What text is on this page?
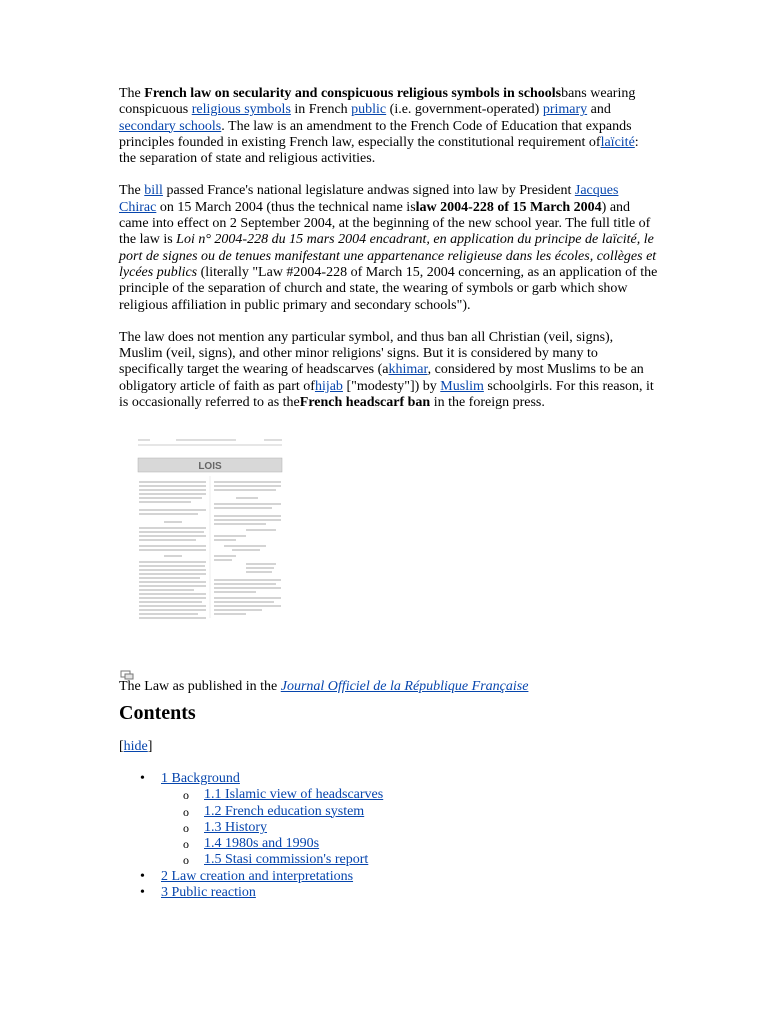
The French law on secularity and conspicuous religious symbols in schoolsbans wearing conspicuous religious symbols in French public (i.e. government-operated) primary and secondary schools. The law is an amendment to the French Code of Education that expands principles founded in existing French law, especially the constitutional requirement oflaïcité: the separation of state and religious activities.

The bill passed France's national legislature andwas signed into law by President Jacques Chirac on 15 March 2004 (thus the technical name islaw 2004-228 of 15 March 2004) and came into effect on 2 September 2004, at the beginning of the new school year. The full title of the law is Loi n° 2004-228 du 15 mars 2004 encadrant, en application du principe de laïcité, le port de signes ou de tenues manifestant une appartenance religieuse dans les écoles, collèges et lycées publics (literally "Law #2004-228 of March 15, 2004 concerning, as an application of the principle of the separation of church and state, the wearing of symbols or garb which show religious affiliation in public primary and secondary schools").

The law does not mention any particular symbol, and thus ban all Christian (veil, signs), Muslim (veil, signs), and other minor religions' signs. But it is considered by many to specifically target the wearing of headscarves (akhimar, considered by most Muslims to be an obligatory article of faith as part ofhijab ["modesty"]) by Muslim schoolgirls. For this reason, it is occasionally referred to as theFrench headscarf ban in the foreign press.

LOIS
The Law as published in the Journal Officiel de la République Française
Contents
[hide]
• 1 Background
o 1.1 Islamic view of headscarves
o 1.2 French education system
o 1.3 History
o 1.4 1980s and 1990s
o 1.5 Stasi commission's report
• 2 Law creation and interpretations
• 3 Public reaction
